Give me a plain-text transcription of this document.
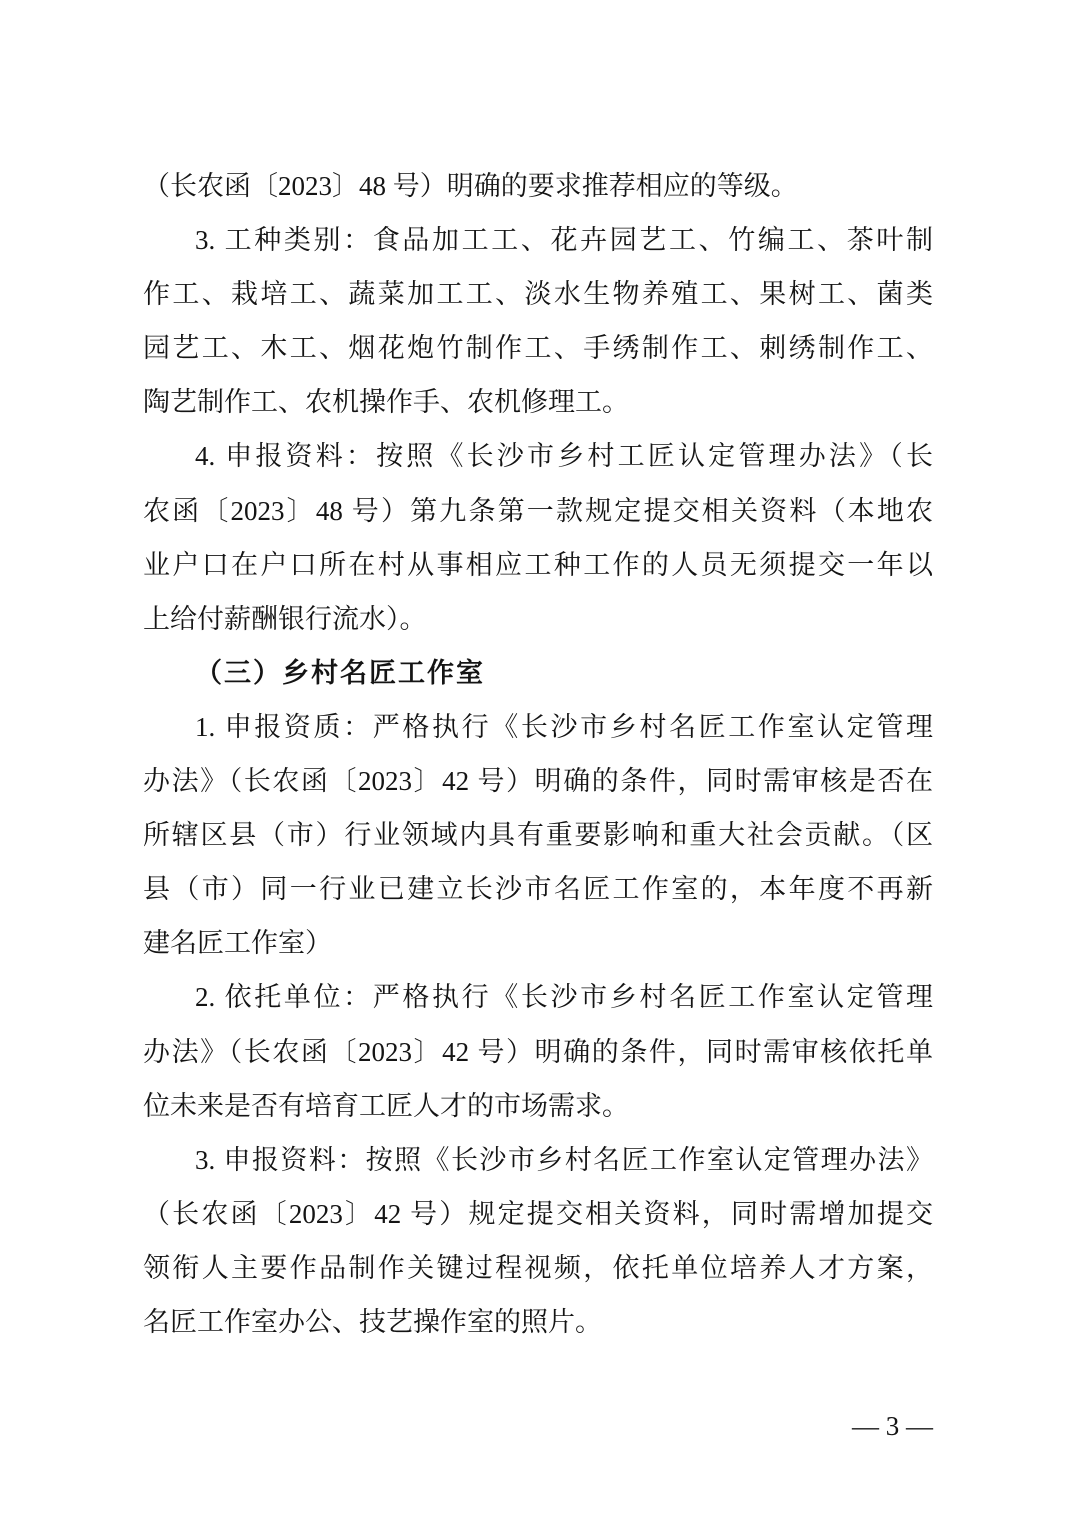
（长农函〔2023〕48 号）明确的要求推荐相应的等级。
3. 工种类别：食品加工工、花卉园艺工、竹编工、茶叶制
作工、栽培工、蔬菜加工工、淡水生物养殖工、果树工、菌类
园艺工、木工、烟花炮竹制作工、手绣制作工、刺绣制作工、
陶艺制作工、农机操作手、农机修理工。
4. 申报资料：按照《长沙市乡村工匠认定管理办法》（长
农函〔2023〕48 号）第九条第一款规定提交相关资料（本地农
业户口在户口所在村从事相应工种工作的人员无须提交一年以
上给付薪酬银行流水）。
（三）乡村名匠工作室
1. 申报资质：严格执行《长沙市乡村名匠工作室认定管理
办法》（长农函〔2023〕42 号）明确的条件，同时需审核是否在
所辖区县（市）行业领域内具有重要影响和重大社会贡献。（区
县（市）同一行业已建立长沙市名匠工作室的，本年度不再新
建名匠工作室）
2. 依托单位：严格执行《长沙市乡村名匠工作室认定管理
办法》（长农函〔2023〕42 号）明确的条件，同时需审核依托单
位未来是否有培育工匠人才的市场需求。
3. 申报资料：按照《长沙市乡村名匠工作室认定管理办法》
（长农函〔2023〕42 号）规定提交相关资料，同时需增加提交
领衔人主要作品制作关键过程视频，依托单位培养人才方案，
名匠工作室办公、技艺操作室的照片。
— 3 —
